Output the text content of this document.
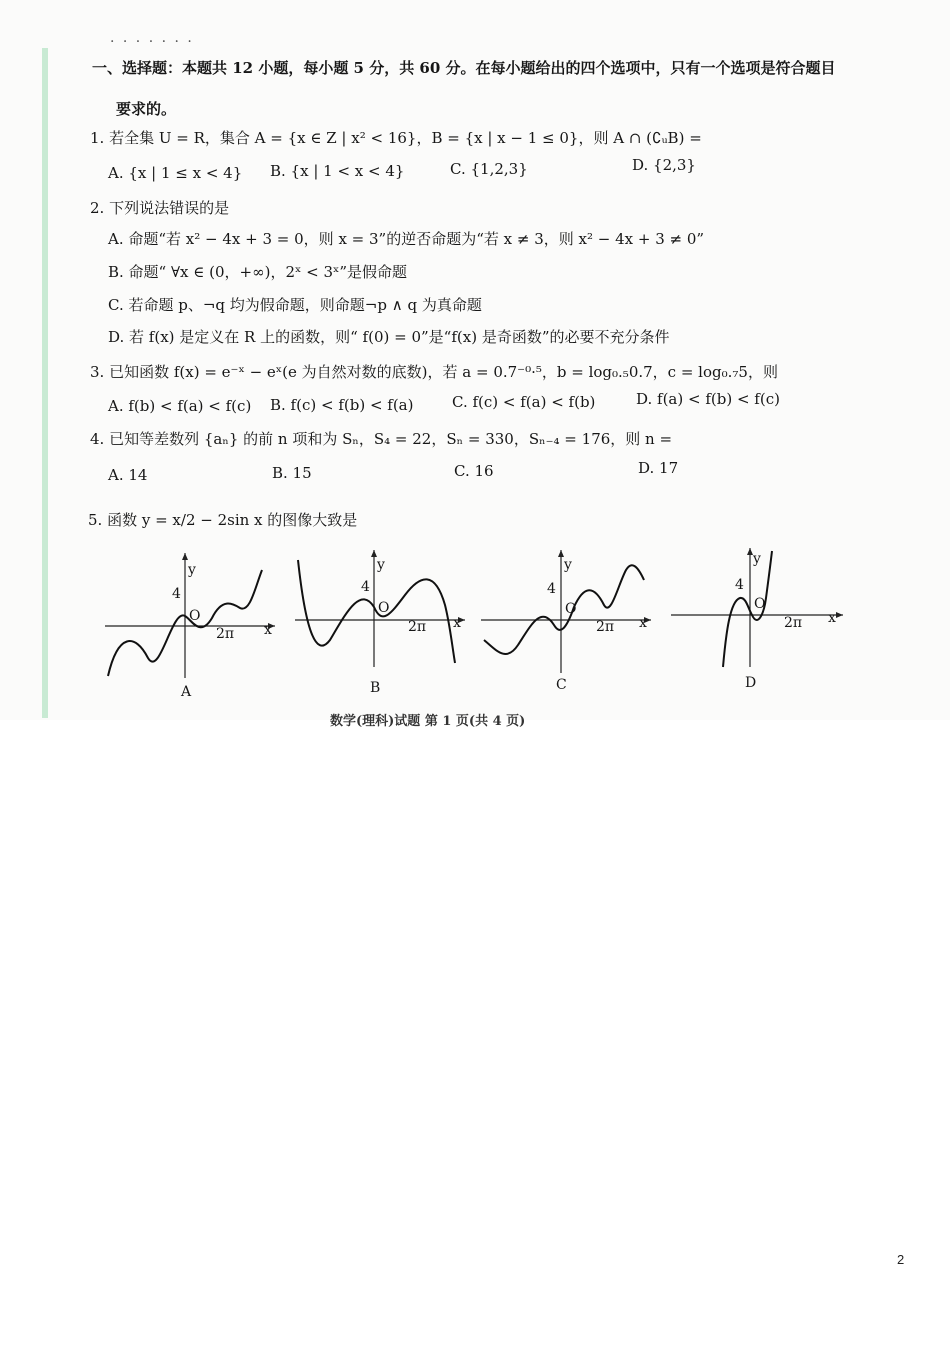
· · · · · · ·
一、选择题：本题共 12 小题，每小题 5 分，共 60 分。在每小题给出的四个选项中，只有一个选项是符合题目
要求的。
1. 若全集 U = R，集合 A = {x ∈ Z | x² < 16}，B = {x | x − 1 ≤ 0}，则 A ∩ (∁ᵤB) =
A. {x | 1 ≤ x < 4} B. {x | 1 < x < 4}	C. {1,2,3}	D. {2,3}
2. 下列说法错误的是
A. 命题“若 x² − 4x + 3 = 0，则 x = 3”的逆否命题为“若 x ≠ 3，则 x² − 4x + 3 ≠ 0”
B. 命题“ ∀x ∈ (0，+∞)，2ˣ < 3ˣ”是假命题
C. 若命题 p、¬q 均为假命题，则命题¬p ∧ q 为真命题
D. 若 f(x) 是定义在 R 上的函数，则“ f(0) = 0”是“f(x) 是奇函数”的必要不充分条件
3. 已知函数 f(x) = e⁻ˣ − eˣ(e 为自然对数的底数)，若 a = 0.7⁻⁰·⁵，b = log₀.₅0.7，c = log₀.₇5，则
A. f(b) < f(a) < f(c) B. f(c) < f(b) < f(a)	C. f(c) < f(a) < f(b)	D. f(a) < f(b) < f(c)
4. 已知等差数列 {aₙ} 的前 n 项和为 Sₙ，S₄ = 22，Sₙ = 330，Sₙ₋₄ = 176，则 n =
A. 14	B. 15	C. 16	D. 17
5. 函数 y = x/2 − 2sin x 的图像大致是
y
4
O
2π x
A
y
4
O
2π x
B
y
4
O
2π x
C
y
4
O
2π x
D
数学(理科)试题 第 1 页(共 4 页)
2
